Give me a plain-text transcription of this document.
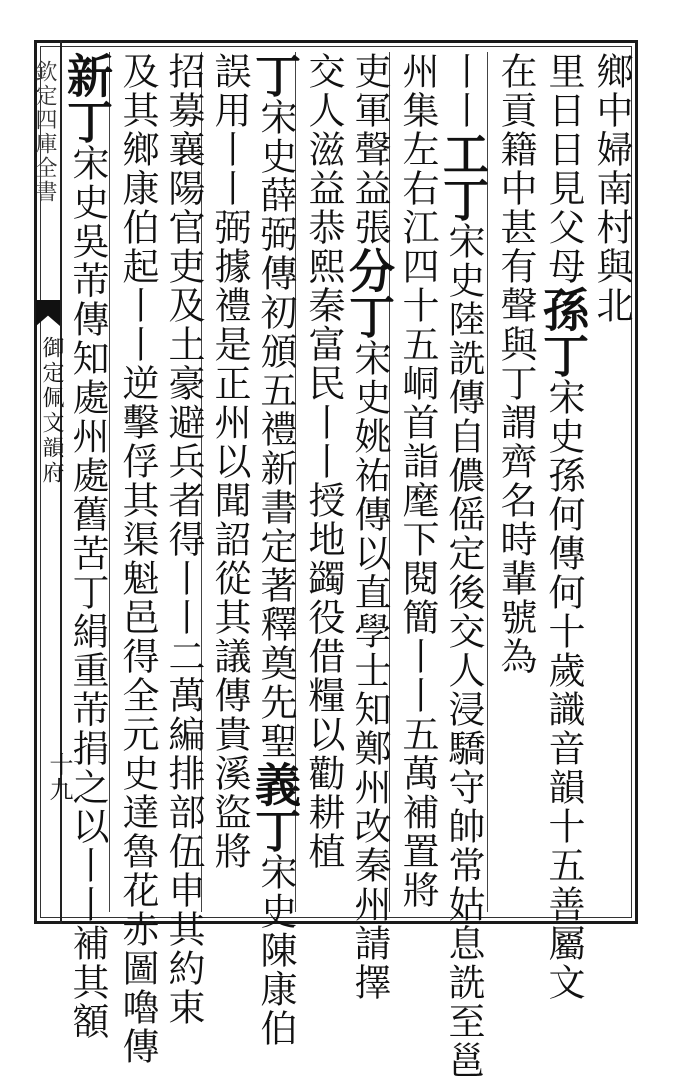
欽定四庫全書
御定佩文韻府
鄉中婦南村與北
里日日見父母孫丁宋史孫何傳何十歲識音韻十五善屬文
在貢籍中甚有聲與丁謂齊名時輩號為
丨丨工丁宋史陸詵傳自儂傜定後交人浸驕守帥常姑息詵至邕
州集左右江四十五峒首詣麾下閱簡丨丨五萬補置將
吏軍聲益張分丁宋史姚祐傳以直學士知鄭州改秦州請擇
交人滋益恭熙秦富民丨丨授地蠲役借糧以勸耕植
丁宋史薛弼傳初頒五禮新書定著釋奠先聖義丁宋史陳康伯
誤用丨丨弼據禮是正州以聞詔從其議傳貴溪盜將
招募襄陽官吏及土豪避兵者得丨丨二萬編排部伍申其約束
及其鄉康伯起丨丨逆擊俘其渠魁邑得全元史達魯花赤圖嚕傳
新丁宋史吳芾傳知處州處舊苦丁絹重芾捐之以丨丨補其額
十九
